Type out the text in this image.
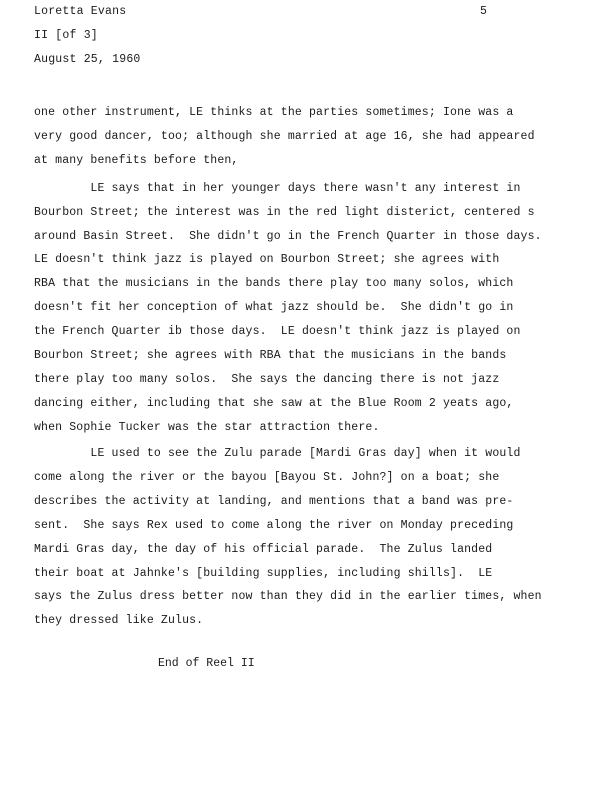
Loretta Evans
II [of 3]
August 25, 1960
5
one other instrument, LE thinks at the parties sometimes; Ione was a
very good dancer, too; although she married at age 16, she had appeared
at many benefits before then,
LE says that in her younger days there wasn't any interest in
Bourbon Street; the interest was in the red light disterict, centered s
around Basin Street.  She didn't go in the French Quarter in those days.
LE doesn't think jazz is played on Bourbon Street; she agrees with
RBA that the musicians in the bands there play too many solos, which
doesn't fit her conception of what jazz should be.  She didn't go in
the French Quarter ib those days.  LE doesn't think jazz is played on
Bourbon Street; she agrees with RBA that the musicians in the bands
there play too many solos.  She says the dancing there is not jazz
dancing either, including that she saw at the Blue Room 2 yeats ago,
when Sophie Tucker was the star attraction there.
LE used to see the Zulu parade [Mardi Gras day] when it would
come along the river or the bayou [Bayou St. John?] on a boat; she
describes the activity at landing, and mentions that a band was pre-
sent.  She says Rex used to come along the river on Monday preceding
Mardi Gras day, the day of his official parade.  The Zulus landed
their boat at Jahnke's [building supplies, including shills].  LE
says the Zulus dress better now than they did in the earlier times, when
they dressed like Zulus.
End of Reel II
